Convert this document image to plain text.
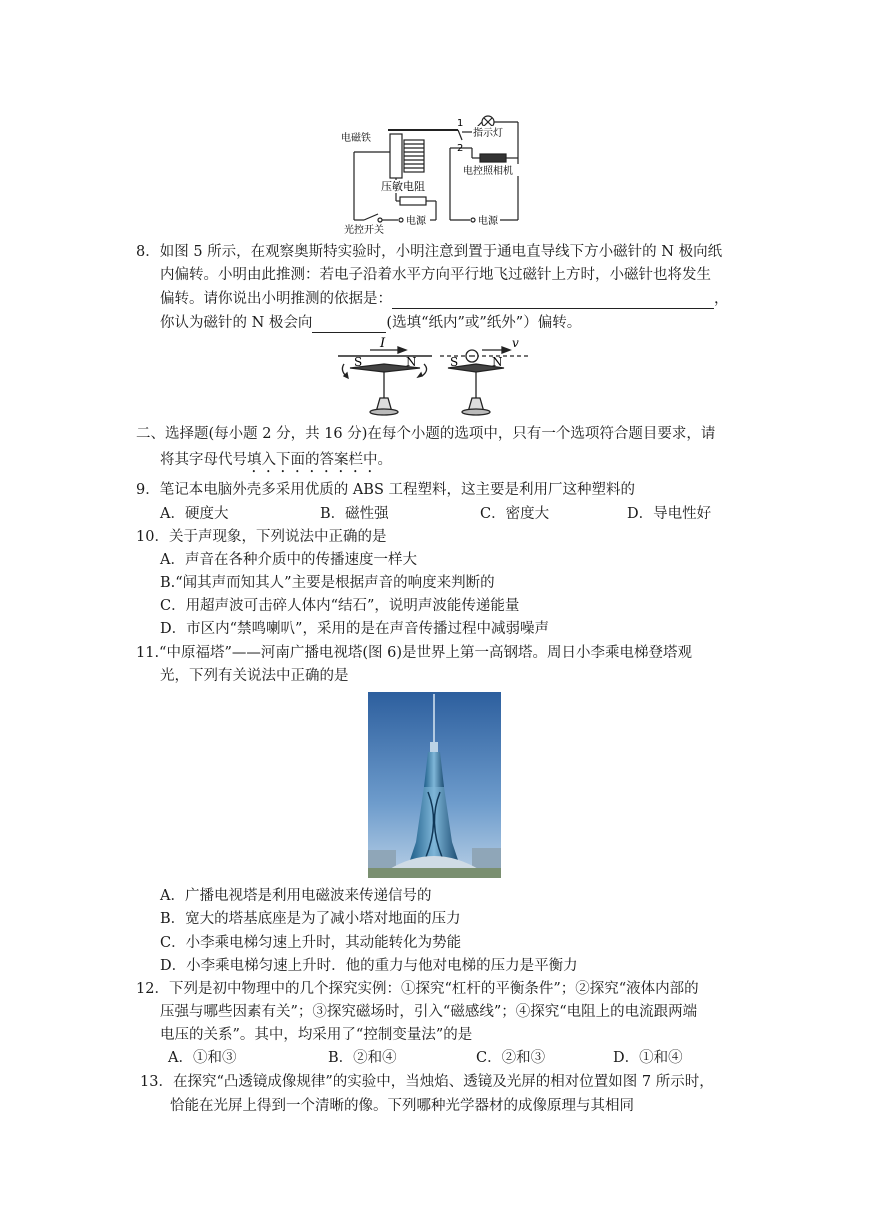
电磁铁
1
2
指示灯
电控照相机
压敏电阻
光控开关
电源	电源
8．如图 5 所示，在观察奥斯特实验时，小明注意到置于通电直导线下方小磁针的 N 极向纸
内偏转。小明由此推测：若电子沿着水平方向平行地飞过磁针上方时，小磁针也将发生
偏转。请你说出小明推测的依据是：	，
你认为磁针的 N 极会向	(选填“纸内”或”纸外”）偏转。
I	v
S	N	S	N
−
二、选择题(每小题 2 分，共 16 分)在每个小题的选项中，只有一个选项符合题目要求，请
将其字母代号填入下面的答案栏中。
9．笔记本电脑外壳多采用优质的 ABS 工程塑料，这主要是利用厂这种塑料的
A．硬度大	B．磁性强	C．密度大	D．导电性好
10．关于声现象，下列说法中正确的是
A．声音在各种介质中的传播速度一样大
B.“闻其声而知其人”主要是根据声音的响度来判断的
C．用超声波可击碎人体内“结石”，说明声波能传递能量
D．市区内“禁鸣喇叭”，采用的是在声音传播过程中减弱噪声
11.“中原福塔”——河南广播电视塔(图 6)是世界上第一高钢塔。周日小李乘电梯登塔观
光，下列有关说法中正确的是
A．广播电视塔是利用电磁波来传递信号的
B．宽大的塔基底座是为了减小塔对地面的压力
C．小李乘电梯匀速上升时，其动能转化为势能
D．小李乘电梯匀速上升时．他的重力与他对电梯的压力是平衡力
12．下列是初中物理中的几个探究实例：①探究“杠杆的平衡条件”；②探究“液体内部的
压强与哪些因素有关”；③探究磁场时，引入“磁感线”；④探究“电阻上的电流跟两端
电压的关系”。其中，均采用了“控制变量法”的是
A．①和③	B．②和④	C．②和③	D．①和④
13．在探究“凸透镜成像规律”的实验中，当烛焰、透镜及光屏的相对位置如图 7 所示时，
恰能在光屏上得到一个清晰的像。下列哪种光学器材的成像原理与其相同
